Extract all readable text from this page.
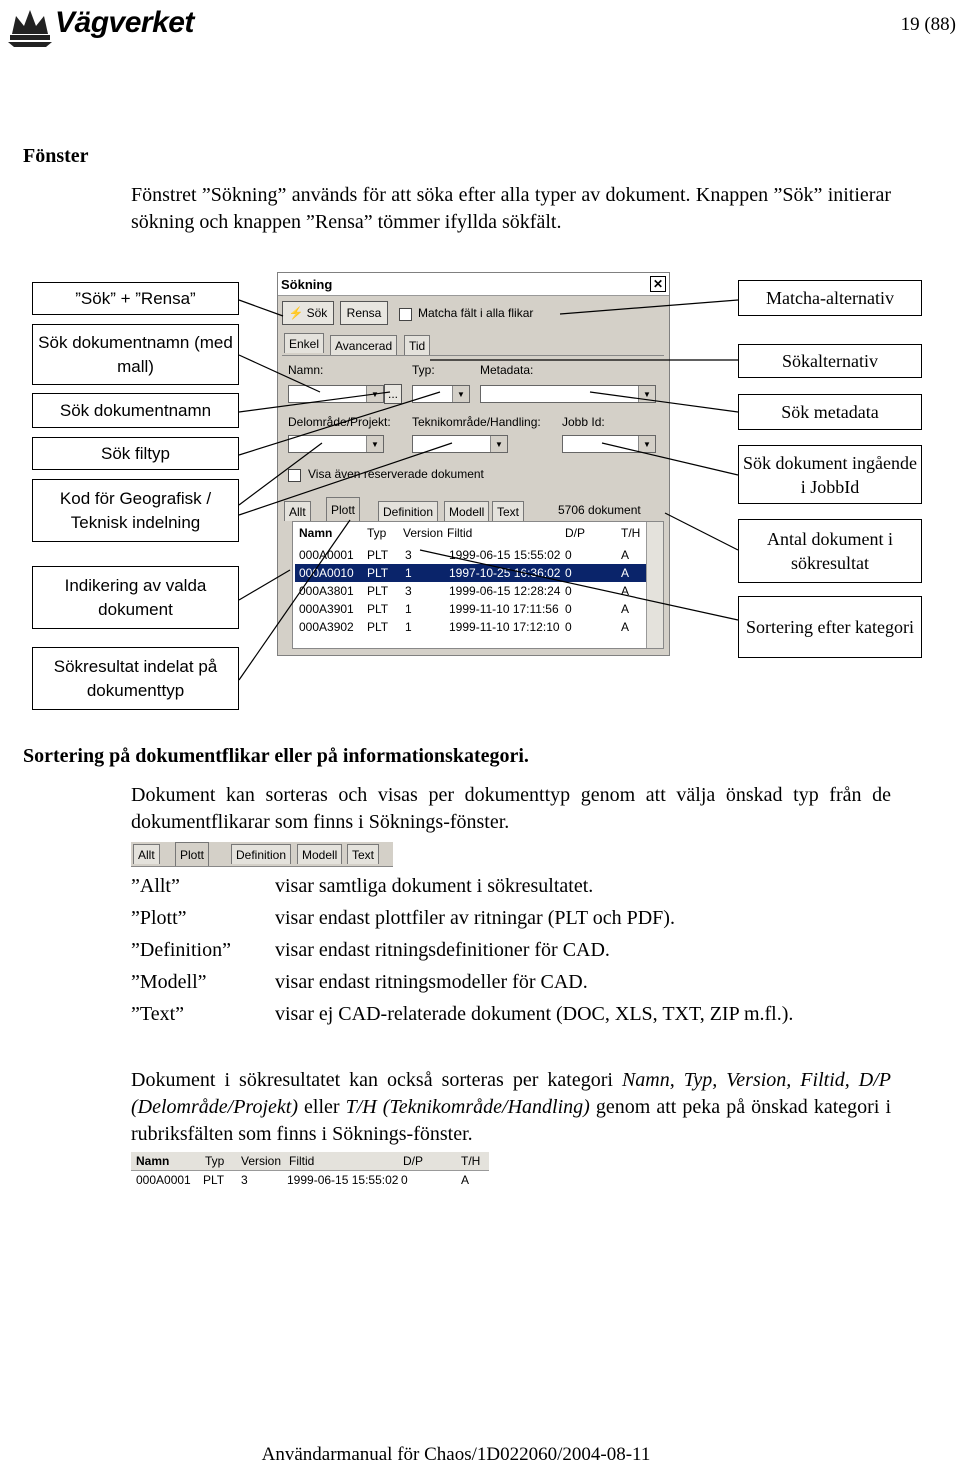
Vägverket	19 (88)
Fönster
Fönstret ”Sökning” används för att söka efter alla typer av dokument. Knappen ”Sök” initierar sökning och knappen ”Rensa” tömmer ifyllda sökfält.
”Sök” + ”Rensa”
Sök dokumentnamn (med mall)
Sök dokumentnamn
Sök filtyp
Kod för Geografisk / Teknisk indelning
Indikering av valda dokument
Sökresultat indelat på dokumenttyp
Matcha-alternativ
Sökalternativ
Sök metadata
Sök dokument ingående i JobbId
Antal dokument i sökresultat
Sortering efter kategori
Sökning	✕
⚡ Sök Rensa	Matcha fält i alla flikar
Enkel	Avancerad	Tid
Namn:	Typ:	Metadata:
▼ ...	▼	▼
Delområde/Projekt: Teknikområde/Handling: Jobb Id:
▼	▼	▼
Visa även reserverade dokument
Allt	Plott	Definition	Modell	Text	5706 dokument
Namn	Typ Version Filtid	D/P	T/H
000A0001 PLT 3	1999-06-15 15:55:02 0	A
000A0010 PLT 1	1997-10-25 16:36:02 0	A
000A3801 PLT 3	1999-06-15 12:28:24 0	A
000A3901 PLT 1	1999-11-10 17:11:56 0	A
000A3902 PLT 1	1999-11-10 17:12:10 0	A
Sortering på dokumentflikar eller på informationskategori.
Dokument kan sorteras och visas per dokumenttyp genom att välja önskad typ från de dokumentflikarar som finns i Söknings-fönster.
Allt	Plott	Definition	Modell	Text
”Allt”	visar samtliga dokument i sökresultatet.
”Plott”	visar endast plottfiler av ritningar (PLT och PDF).
”Definition” visar endast ritningsdefinitioner för CAD.
”Modell”	visar endast ritningsmodeller för CAD.
”Text”	visar ej CAD-relaterade dokument (DOC, XLS, TXT, ZIP m.fl.).
Dokument i sökresultatet kan också sorteras per kategori Namn, Typ, Version, Filtid, D/P (Delområde/Projekt) eller T/H (Teknikområde/Handling) genom att peka på önskad kategori i rubriksfälten som finns i Söknings-fönster.
Namn	Typ Version Filtid	D/P	T/H
000A0001 PLT 3	1999-06-15 15:55:02 0	A
Användarmanual för Chaos/1D022060/2004-08-11
